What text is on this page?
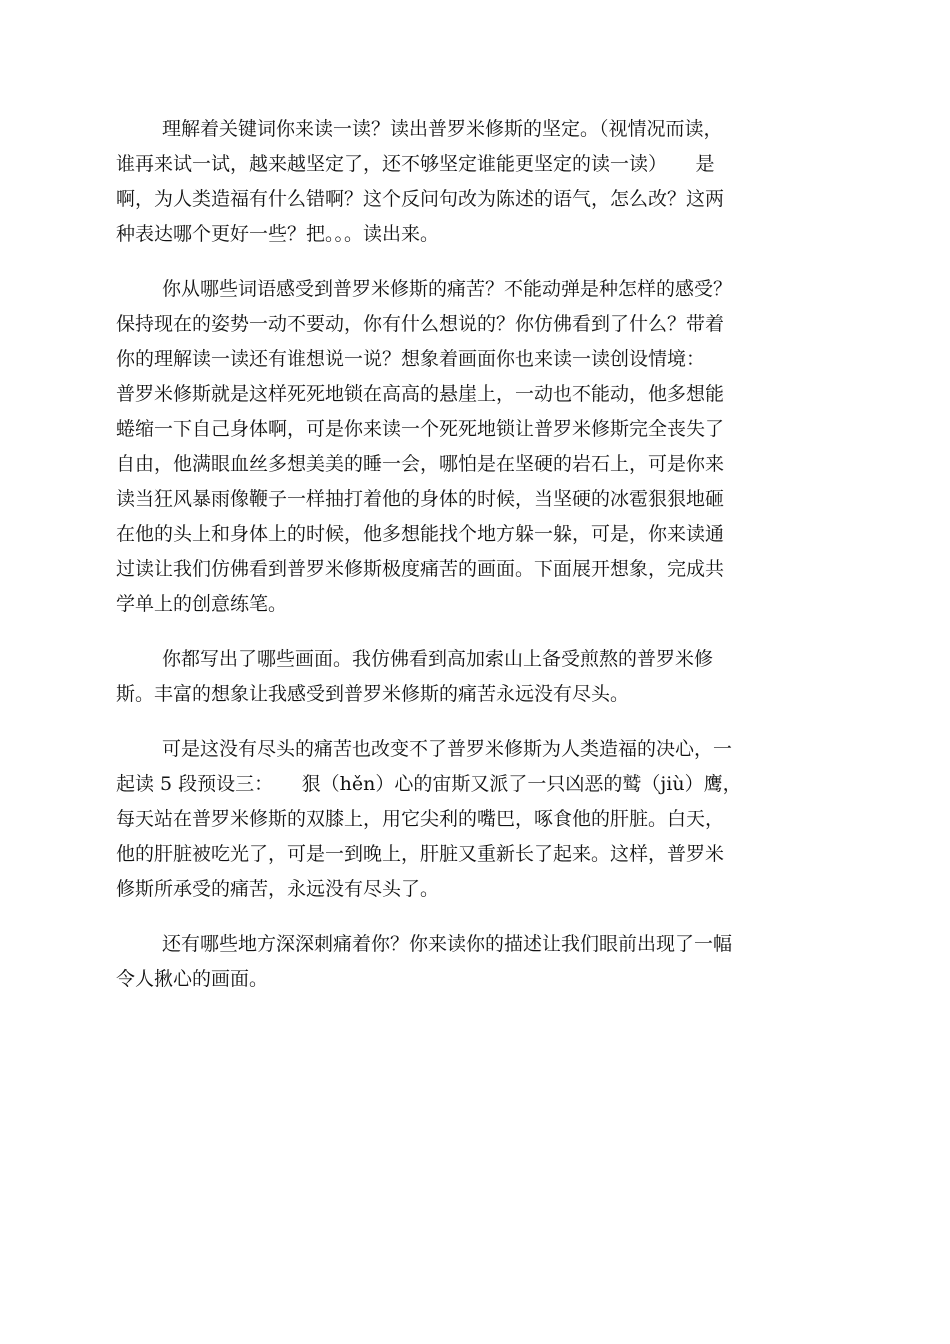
理解着关键词你来读一读？读出普罗米修斯的坚定。（视情况而读，
谁再来试一试，越来越坚定了，还不够坚定谁能更坚定的读一读）　　是
啊，为人类造福有什么错啊？这个反问句改为陈述的语气，怎么改？这两
种表达哪个更好一些？把。。。读出来。

你从哪些词语感受到普罗米修斯的痛苦？不能动弹是种怎样的感受？
保持现在的姿势一动不要动，你有什么想说的？你仿佛看到了什么？带着
你的理解读一读还有谁想说一说？想象着画面你也来读一读创设情境：
普罗米修斯就是这样死死地锁在高高的悬崖上，一动也不能动，他多想能
蜷缩一下自己身体啊，可是你来读一个死死地锁让普罗米修斯完全丧失了
自由，他满眼血丝多想美美的睡一会，哪怕是在坚硬的岩石上，可是你来
读当狂风暴雨像鞭子一样抽打着他的身体的时候，当坚硬的冰雹狠狠地砸
在他的头上和身体上的时候，他多想能找个地方躲一躲，可是，你来读通
过读让我们仿佛看到普罗米修斯极度痛苦的画面。下面展开想象，完成共
学单上的创意练笔。

你都写出了哪些画面。我仿佛看到高加索山上备受煎熬的普罗米修
斯。丰富的想象让我感受到普罗米修斯的痛苦永远没有尽头。

可是这没有尽头的痛苦也改变不了普罗米修斯为人类造福的决心，一
起读 5 段预设三：　　狠（hěn）心的宙斯又派了一只凶恶的鹫（jiù）鹰，
每天站在普罗米修斯的双膝上，用它尖利的嘴巴，啄食他的肝脏。白天，
他的肝脏被吃光了，可是一到晚上，肝脏又重新长了起来。这样，普罗米
修斯所承受的痛苦，永远没有尽头了。

还有哪些地方深深刺痛着你？你来读你的描述让我们眼前出现了一幅
令人揪心的画面。
